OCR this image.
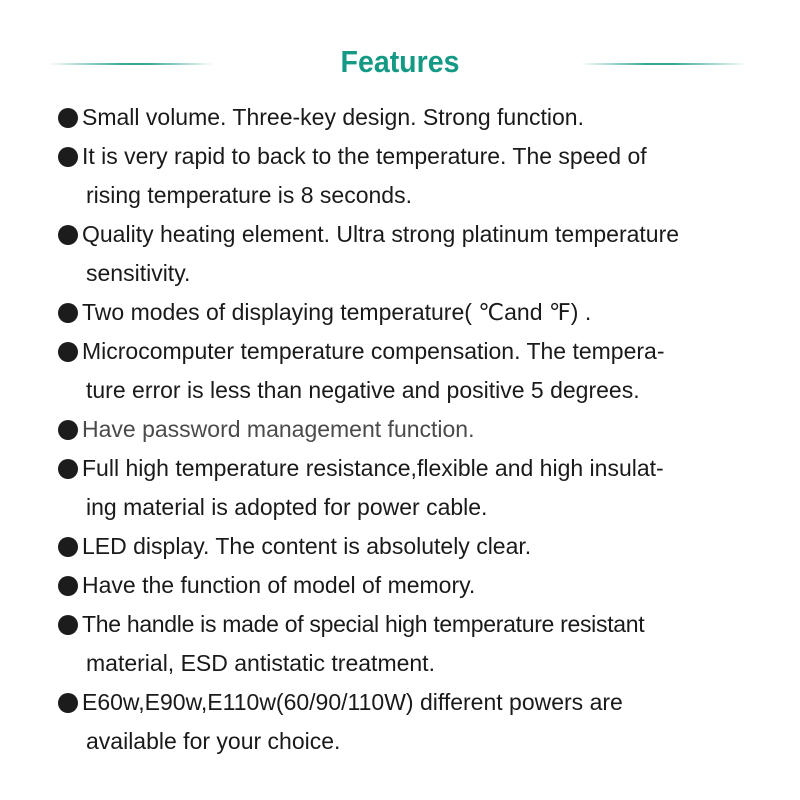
Features
Small volume. Three-key design. Strong function.
It is very rapid to back to the temperature. The speed of
rising temperature is 8 seconds.
Quality heating element. Ultra strong platinum temperature
sensitivity.
Two modes of displaying temperature( ℃and ℉) .
Microcomputer temperature compensation. The tempera-
ture error is less than negative and positive 5 degrees.
Have password management function.
Full high temperature resistance,flexible and high insulat-
ing material is adopted for power cable.
LED display. The content is absolutely clear.
Have the function of model of memory.
The handle is made of special high temperature resistant
material, ESD antistatic treatment.
E60w,E90w,E110w(60/90/110W) different powers are
available for your choice.
